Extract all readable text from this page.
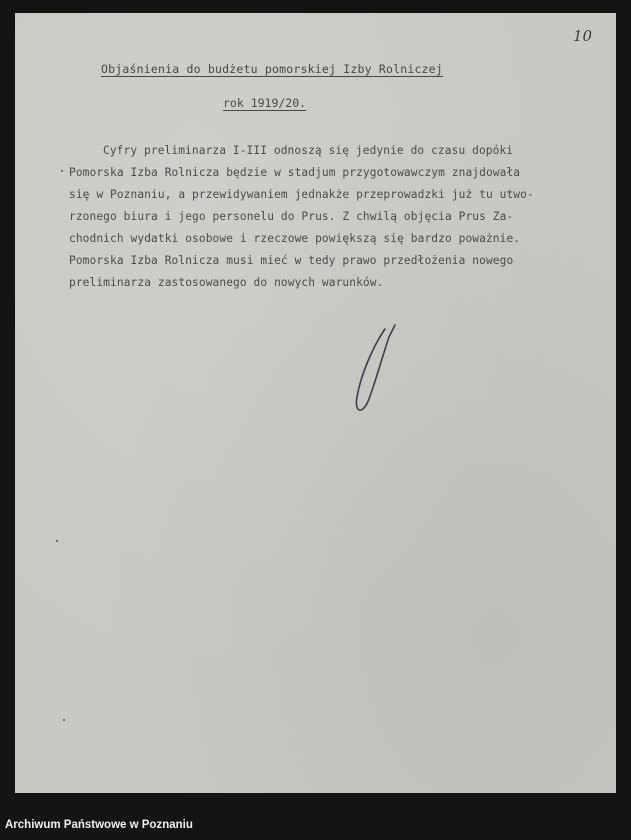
10
Objaśnienia do budżetu pomorskiej Izby Rolniczej
rok 1919/20.
Cyfry preliminarza I-III odnoszą się jedynie do czasu dopóki
Pomorska Izba Rolnicza będzie w stadjum przygotowawczym znajdowała
się w Poznaniu, a przewidywaniem jednakże przeprowadzki już tu utwo-
rzonego biura i jego personelu do Prus. Z chwilą objęcia Prus Za-
chodnich wydatki osobowe i rzeczowe powiększą się bardzo poważnie.
Pomorska Izba Rolnicza musi mieć w tedy prawo przedłożenia nowego
preliminarza zastosowanego do nowych warunków.
Archiwum Państwowe w Poznaniu
